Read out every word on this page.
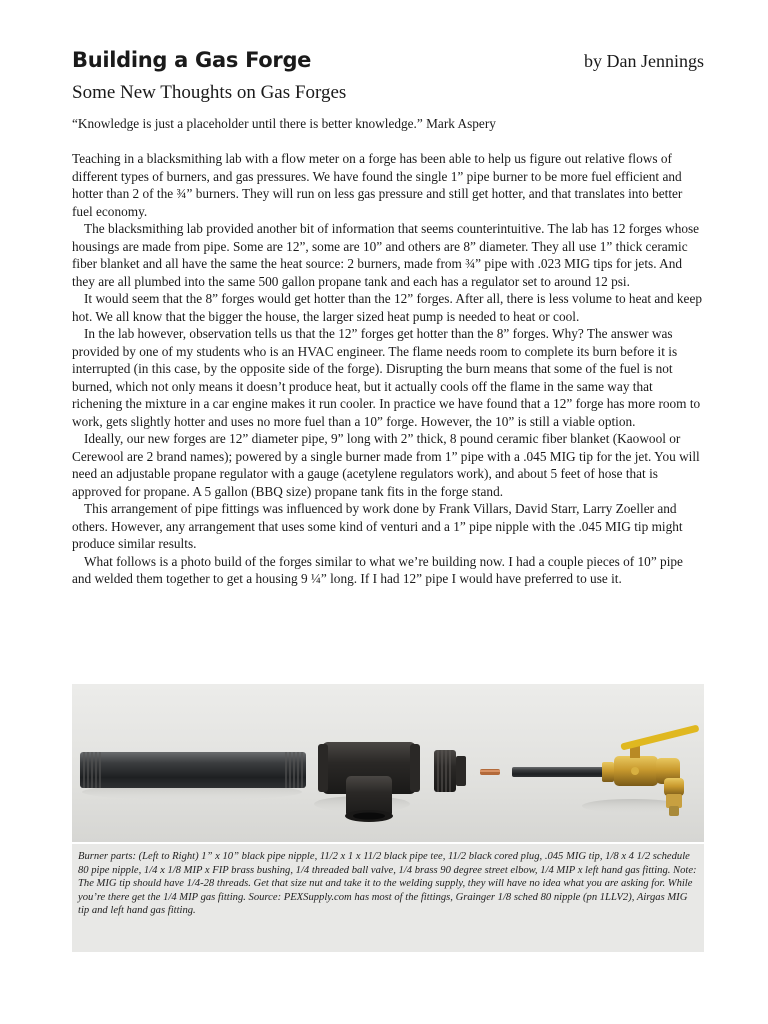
Building a Gas Forge	by Dan Jennings
Some New Thoughts on Gas Forges
“Knowledge is just a placeholder until there is better knowledge.” Mark Aspery

Teaching in a blacksmithing lab with a flow meter on a forge has been able to help us figure out relative flows of different types of burners, and gas pressures. We have found the single 1” pipe burner to be more fuel efficient and hotter than 2 of the ¾” burners. They will run on less gas pressure and still get hotter, and that translates into better fuel economy.

The blacksmithing lab provided another bit of information that seems counterintuitive. The lab has 12 forges whose housings are made from pipe. Some are 12”, some are 10” and others are 8” diameter. They all use 1” thick ceramic fiber blanket and all have the same the heat source: 2 burners, made from ¾” pipe with .023 MIG tips for jets. And they are all plumbed into the same 500 gallon propane tank and each has a regulator set to around 12 psi.

It would seem that the 8” forges would get hotter than the 12” forges. After all, there is less volume to heat and keep hot. We all know that the bigger the house, the larger sized heat pump is needed to heat or cool.

In the lab however, observation tells us that the 12” forges get hotter than the 8” forges. Why? The answer was provided by one of my students who is an HVAC engineer. The flame needs room to complete its burn before it is interrupted (in this case, by the opposite side of the forge). Disrupting the burn means that some of the fuel is not burned, which not only means it doesn’t produce heat, but it actually cools off the flame in the same way that richening the mixture in a car engine makes it run cooler. In practice we have found that a 12” forge has more room to work, gets slightly hotter and uses no more fuel than a 10” forge. However, the 10” is still a viable option.

Ideally, our new forges are 12” diameter pipe, 9” long with 2” thick, 8 pound ceramic fiber blanket (Kaowool or Cerewool are 2 brand names); powered by a single burner made from 1” pipe with a .045 MIG tip for the jet. You will need an adjustable propane regulator with a gauge (acetylene regulators work), and about 5 feet of hose that is approved for propane. A 5 gallon (BBQ size) propane tank fits in the forge stand.

This arrangement of pipe fittings was influenced by work done by Frank Villars, David Starr, Larry Zoeller and others. However, any arrangement that uses some kind of venturi and a 1” pipe nipple with the .045 MIG tip might produce similar results.

What follows is a photo build of the forges similar to what we’re building now. I had a couple pieces of 10” pipe and welded them together to get a housing 9 ¼” long. If I had 12” pipe I would have preferred to use it.

Burner parts: (Left to Right) 1” x 10” black pipe nipple, 11/2 x 1 x 11/2 black pipe tee, 11/2 black cored plug, .045 MIG tip, 1/8 x 4 1/2 schedule 80 pipe nipple, 1/4 x 1/8 MIP x FIP brass bushing, 1/4 threaded ball valve, 1/4 brass 90 degree street elbow, 1/4 MIP x left hand gas fitting. Note: The MIG tip should have 1/4-28 threads. Get that size nut and take it to the welding supply, they will have no idea what you are asking for. While you’re there get the 1/4 MIP gas fitting. Source: PEXSupply.com has most of the fittings, Grainger 1/8 sched 80 nipple (pn 1LLV2), Airgas MIG tip and left hand gas fitting.
